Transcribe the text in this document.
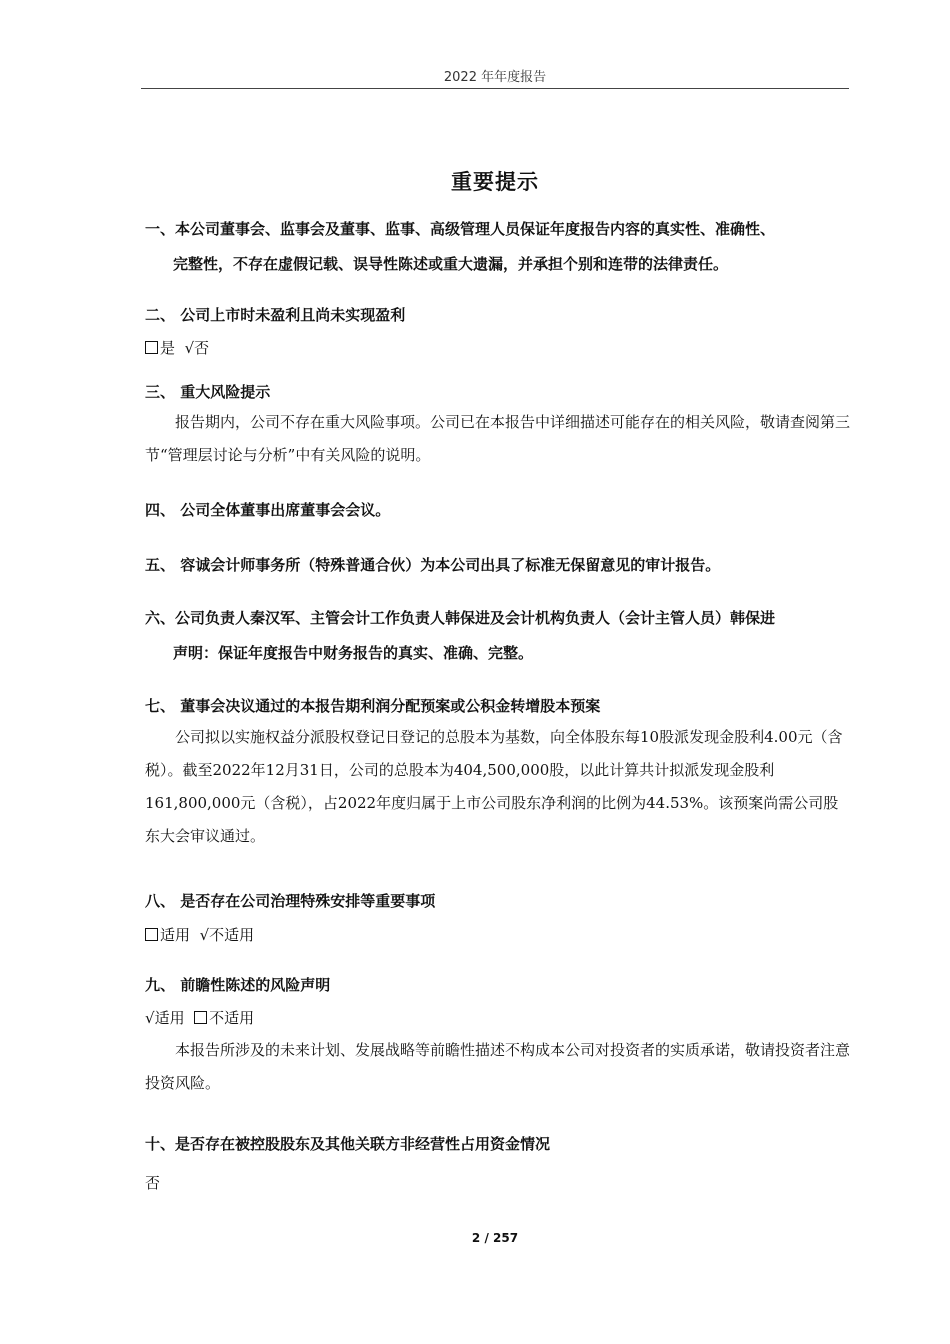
2022 年年度报告
重要提示
一、本公司董事会、监事会及董事、监事、高级管理人员保证年度报告内容的真实性、准确性、
完整性，不存在虚假记载、误导性陈述或重大遗漏，并承担个别和连带的法律责任。
二、 公司上市时未盈利且尚未实现盈利
是 √否
三、 重大风险提示
报告期内，公司不存在重大风险事项。公司已在本报告中详细描述可能存在的相关风险，敬请查阅第三节“管理层讨论与分析”中有关风险的说明。
四、 公司全体董事出席董事会会议。
五、 容诚会计师事务所（特殊普通合伙）为本公司出具了标准无保留意见的审计报告。
六、公司负责人秦汉军、主管会计工作负责人韩保进及会计机构负责人（会计主管人员）韩保进
声明：保证年度报告中财务报告的真实、准确、完整。
七、 董事会决议通过的本报告期利润分配预案或公积金转增股本预案
公司拟以实施权益分派股权登记日登记的总股本为基数，向全体股东每10股派发现金股利4.00元（含税）。截至2022年12月31日，公司的总股本为404,500,000股，以此计算共计拟派发现金股利161,800,000元（含税），占2022年度归属于上市公司股东净利润的比例为44.53%。该预案尚需公司股东大会审议通过。
八、 是否存在公司治理特殊安排等重要事项
适用 √不适用
九、 前瞻性陈述的风险声明
√适用 不适用
本报告所涉及的未来计划、发展战略等前瞻性描述不构成本公司对投资者的实质承诺，敬请投资者注意投资风险。
十、是否存在被控股股东及其他关联方非经营性占用资金情况
否
2 / 257
